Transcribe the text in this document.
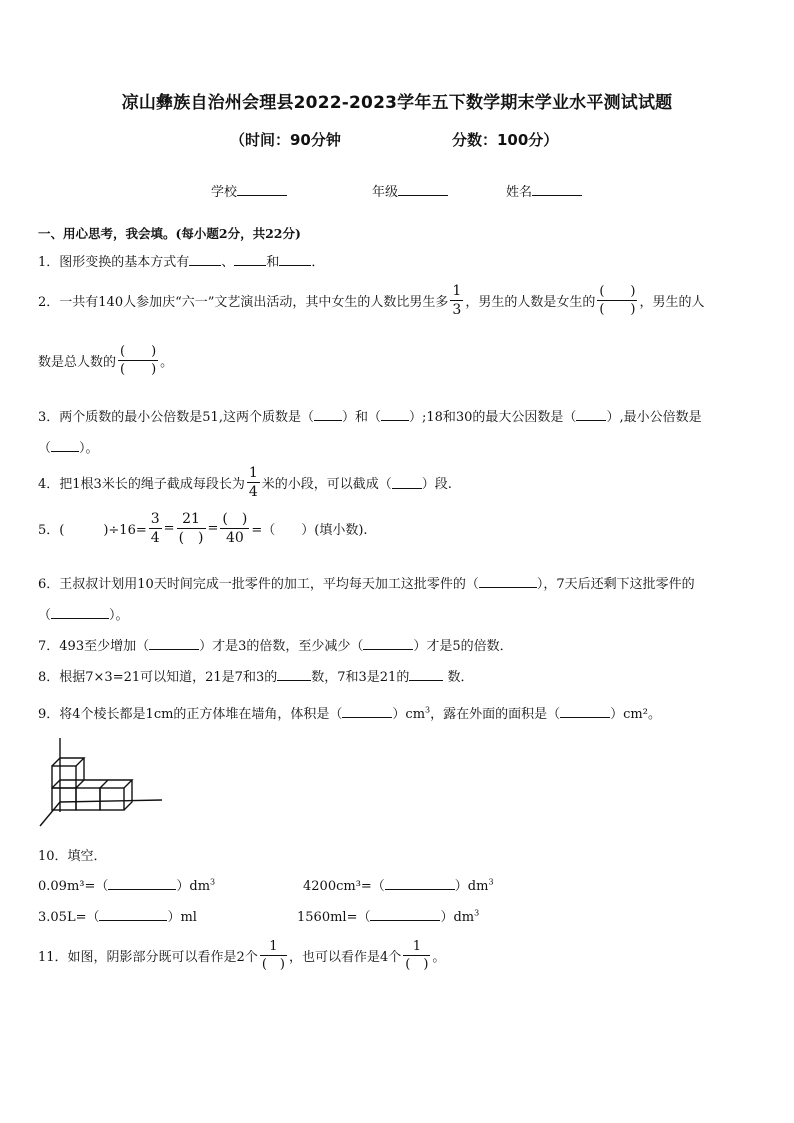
凉山彝族自治州会理县2022-2023学年五下数学期末学业水平测试试题
（时间：90分钟	分数：100分）
学校	年级	姓名
一、用心思考，我会填。(每小题2分，共22分)
1．图形变换的基本方式有 、 和 ．
2．一共有140人参加庆“六一”文艺演出活动，其中女生的人数比男生多 $\frac{1}{3}$ ，男生的人数是女生的 $\frac{( )}{( )}$ ，男生的人
数是总人数的 $\frac{( )}{( )}$ 。
3．两个质数的最小公倍数是51,这两个质数是（ ）和（ ）;18和30的最大公因数是（ ）,最小公倍数是
（ ）。
4．把1根3米长的绳子截成每段长为 $\frac{1}{4}$ 米的小段，可以截成（ ）段.
5．(　　　)$\div 16= \frac{3}{4} = \frac{21}{( )} = \frac{( )}{40}$ =（　　）(填小数).
6．王叔叔计划用10天时间完成一批零件的加工，平均每天加工这批零件的（	），7天后还剩下这批零件的
（	）。
7．493至少增加（	）才是3的倍数，至少减少（	）才是5的倍数．
8．根据7×3=21可以知道，21是7和3的	数，7和3是21的	数．
9．将4个棱长都是1cm的正方体堆在墙角，体积是（	）$cm^3$，露在外面的面积是（	）cm²。
10．填空．
0.09m³=（	）$dm^3$	4200cm³=（	）$dm^3$
3.05L=（	）ml	1560ml=（	）$dm^3$
11．如图，阴影部分既可以看作是2个 $\frac{1}{( )}$ ，也可以看作是4个 $\frac{1}{( )}$ 。
